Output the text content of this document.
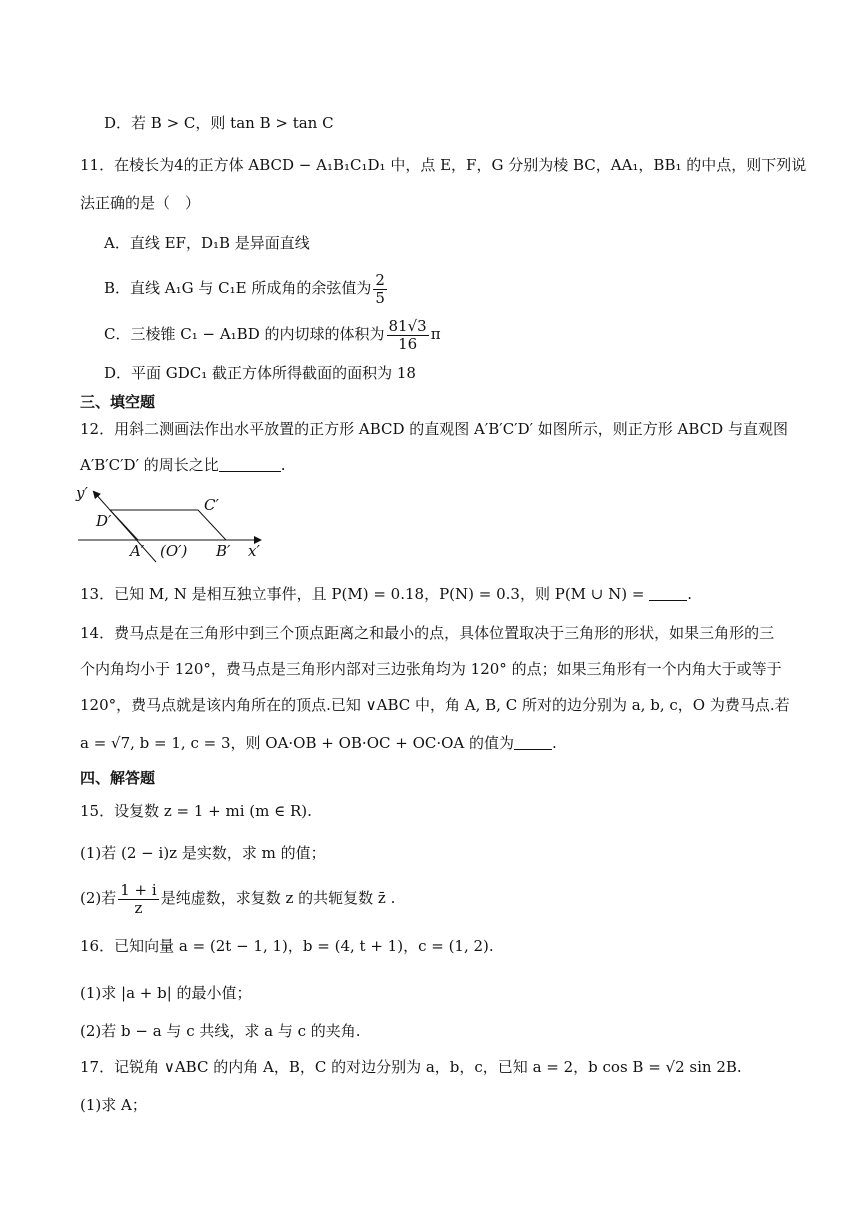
D．若 B > C，则 tan B > tan C
11．在棱长为4的正方体 ABCD − A₁B₁C₁D₁ 中，点 E，F，G 分别为棱 BC，AA₁，BB₁ 的中点，则下列说
法正确的是（　）
A．直线 EF，D₁B 是异面直线
B．直线 A₁G 与 C₁E 所成角的余弦值为 $\frac{2}{5}$
C．三棱锥 C₁ − A₁BD 的内切球的体积为 $\frac{81√3}{16}$ π
D．平面 GDC₁ 截正方体所得截面的面积为 18
三、填空题
12．用斜二测画法作出水平放置的正方形 ABCD 的直观图 A′B′C′D′ 如图所示，则正方形 ABCD 与直观图
A′B′C′D′ 的周长之比	.
y′
x′
A′ (O′) B′
C′
D′
13．已知 M, N 是相互独立事件，且 P(M) = 0.18，P(N) = 0.3，则 P(M ∪ N) =	.
14．费马点是在三角形中到三个顶点距离之和最小的点，具体位置取决于三角形的形状，如果三角形的三
个内角均小于 120°，费马点是三角形内部对三边张角均为 120° 的点；如果三角形有一个内角大于或等于
120°，费马点就是该内角所在的顶点.已知 ∨ABC 中，角 A, B, C 所对的边分别为 a, b, c，O 为费马点.若
a = √7, b = 1, c = 3，则 OA·OB + OB·OC + OC·OA 的值为	.
四、解答题
15．设复数 z = 1 + mi (m ∈ R).
(1)若 (2 − i)z 是实数，求 m 的值；
(2)若 $\frac{1 + i}{z}$ 是纯虚数，求复数 z 的共轭复数 z̄ .
16．已知向量 a = (2t − 1, 1)，b = (4, t + 1)，c = (1, 2).
(1)求 |a + b| 的最小值；
(2)若 b − a 与 c 共线，求 a 与 c 的夹角.
17．记锐角 ∨ABC 的内角 A，B，C 的对边分别为 a，b，c，已知 a = 2，b cos B = √2 sin 2B.
(1)求 A；
